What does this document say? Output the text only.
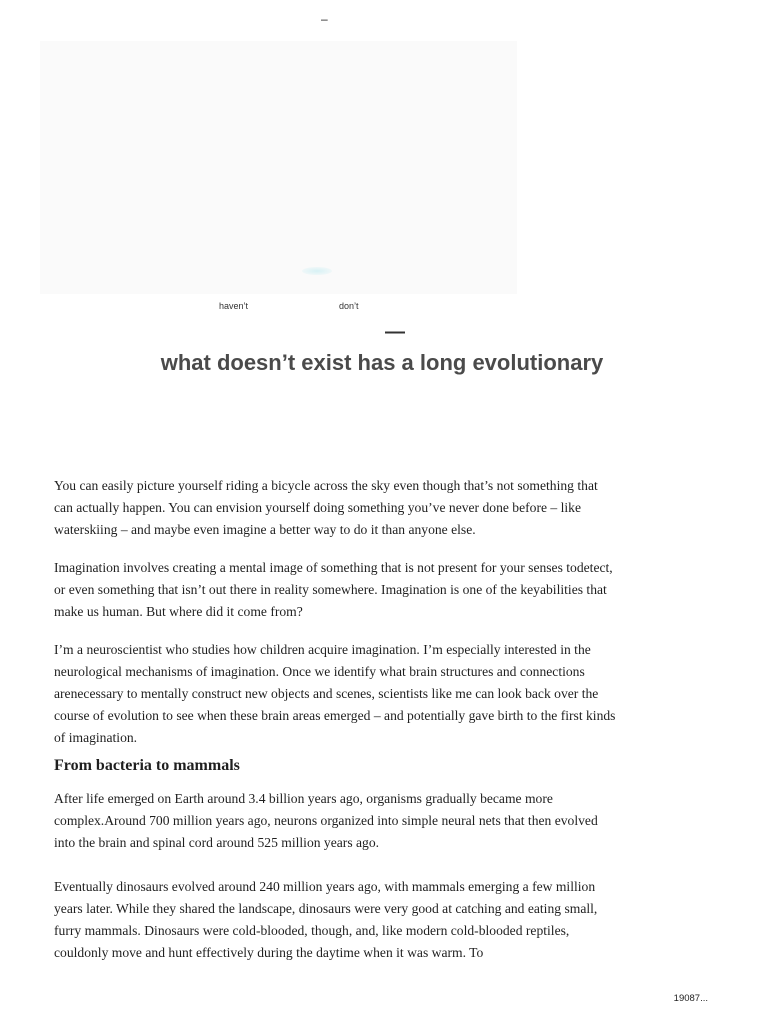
–
haven’t	don’t
—
what doesn’t exist has a long evolutionary

You can easily picture yourself riding a bicycle across the sky even though that’s not something that can actually happen. You can envision yourself doing something you’ve never done before – like waterskiing – and maybe even imagine a better way to do it than anyone else.

Imagination involves creating a mental image of something that is not present for your senses todetect, or even something that isn’t out there in reality somewhere. Imagination is one of the keyabilities that make us human. But where did it come from?

I’m a neuroscientist who studies how children acquire imagination. I’m especially interested in the neurological mechanisms of imagination. Once we identify what brain structures and connections arenecessary to mentally construct new objects and scenes, scientists like me can look back over the course of evolution to see when these brain areas emerged – and potentially gave birth to the first kinds of imagination.

From bacteria to mammals

After life emerged on Earth around 3.4 billion years ago, organisms gradually became more complex.Around 700 million years ago, neurons organized into simple neural nets that then evolved into the brain and spinal cord around 525 million years ago.

Eventually dinosaurs evolved around 240 million years ago, with mammals emerging a few million years later. While they shared the landscape, dinosaurs were very good at catching and eating small, furry mammals. Dinosaurs were cold-blooded, though, and, like modern cold-blooded reptiles, couldonly move and hunt effectively during the daytime when it was warm. To

19087...
